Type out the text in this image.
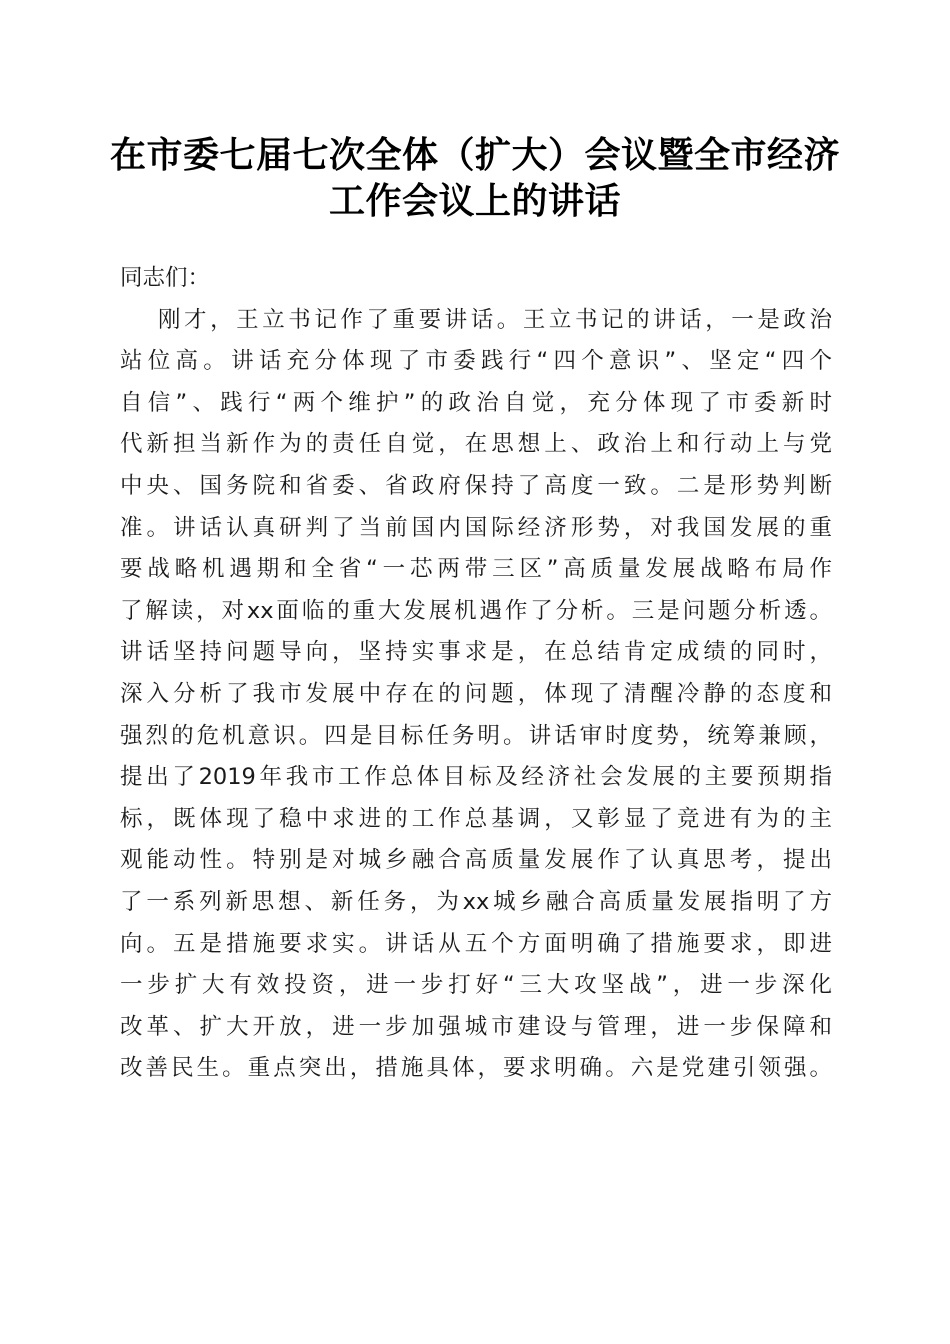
在市委七届七次全体（扩大）会议暨全市经济
工作会议上的讲话
同志们：
刚才，王立书记作了重要讲话。王立书记的讲话，一是政治
站位高。讲话充分体现了市委践行“四个意识”、坚定“四个
自信”、践行“两个维护”的政治自觉，充分体现了市委新时
代新担当新作为的责任自觉，在思想上、政治上和行动上与党
中央、国务院和省委、省政府保持了高度一致。二是形势判断
准。讲话认真研判了当前国内国际经济形势，对我国发展的重
要战略机遇期和全省“一芯两带三区”高质量发展战略布局作
了解读，对xx面临的重大发展机遇作了分析。三是问题分析透。
讲话坚持问题导向，坚持实事求是，在总结肯定成绩的同时，
深入分析了我市发展中存在的问题，体现了清醒冷静的态度和
强烈的危机意识。四是目标任务明。讲话审时度势，统筹兼顾，
提出了2019年我市工作总体目标及经济社会发展的主要预期指
标，既体现了稳中求进的工作总基调，又彰显了竞进有为的主
观能动性。特别是对城乡融合高质量发展作了认真思考，提出
了一系列新思想、新任务，为xx城乡融合高质量发展指明了方
向。五是措施要求实。讲话从五个方面明确了措施要求，即进
一步扩大有效投资，进一步打好“三大攻坚战”，进一步深化
改革、扩大开放，进一步加强城市建设与管理，进一步保障和
改善民生。重点突出，措施具体，要求明确。六是党建引领强。
